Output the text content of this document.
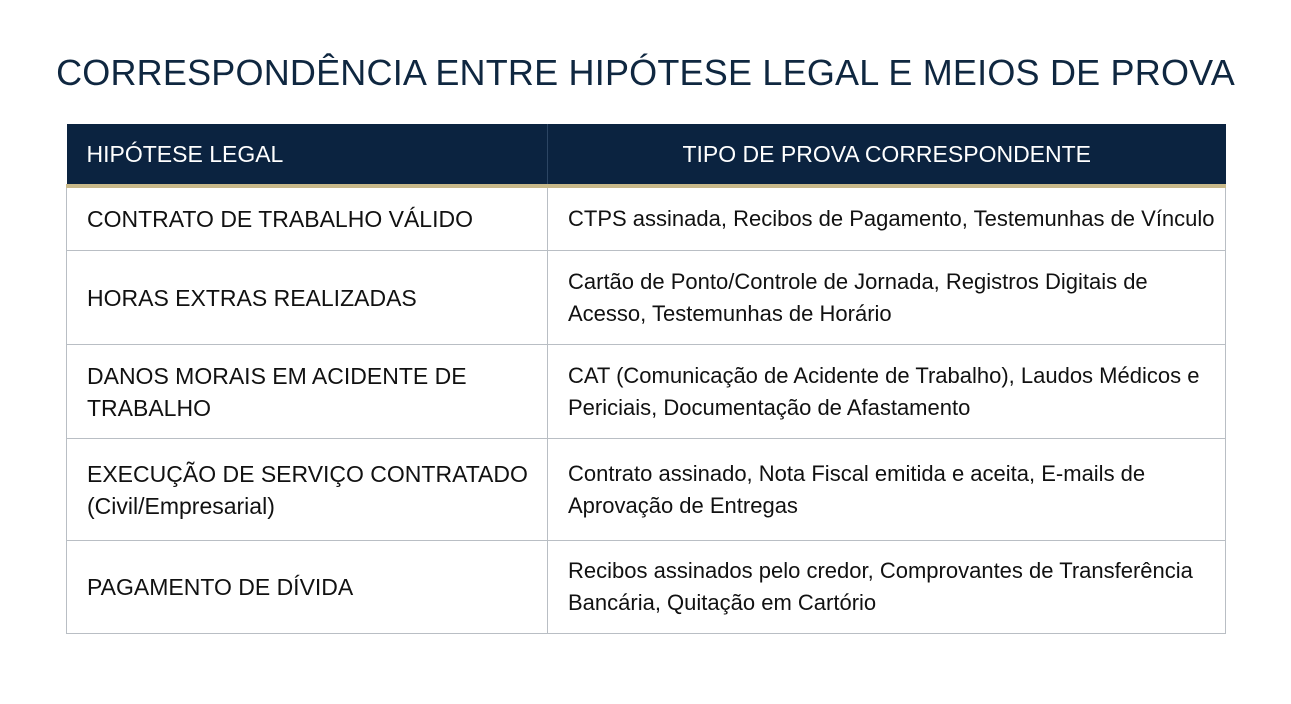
CORRESPONDÊNCIA ENTRE HIPÓTESE LEGAL E MEIOS DE PROVA
HIPÓTESE LEGAL	TIPO DE PROVA CORRESPONDENTE
CONTRATO DE TRABALHO VÁLIDO	CTPS assinada, Recibos de Pagamento, Testemunhas de Vínculo
HORAS EXTRAS REALIZADAS	Cartão de Ponto/Controle de Jornada, Registros Digitais de Acesso, Testemunhas de Horário
DANOS MORAIS EM ACIDENTE DE TRABALHO	CAT (Comunicação de Acidente de Trabalho), Laudos Médicos e Periciais, Documentação de Afastamento
EXECUÇÃO DE SERVIÇO CONTRATADO (Civil/Empresarial)	Contrato assinado, Nota Fiscal emitida e aceita, E-mails de Aprovação de Entregas
PAGAMENTO DE DÍVIDA	Recibos assinados pelo credor, Comprovantes de Transferência Bancária, Quitação em Cartório
